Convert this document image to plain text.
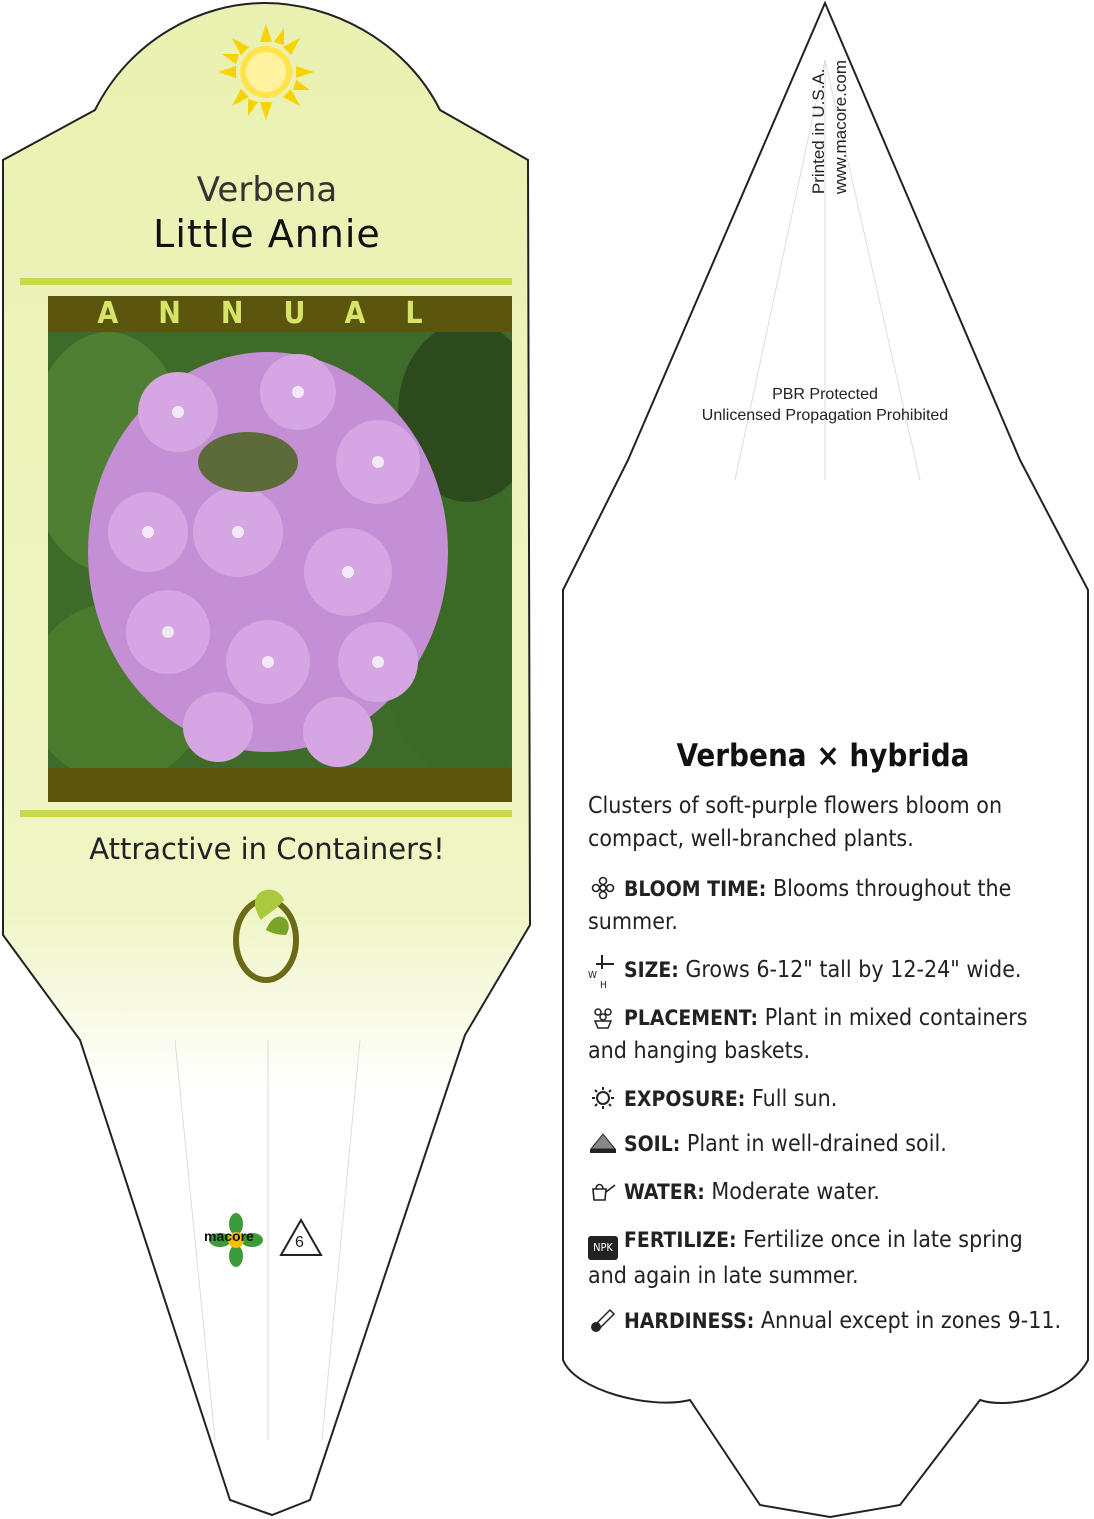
Verbena
Little Annie
ANNUAL
Attractive in Containers!
macore	6
Printed in U.S.A. www.macore.com
PBR Protected
Unlicensed Propagation Prohibited
Verbena × hybrida
Clusters of soft-purple flowers bloom on compact, well-branched plants.
BLOOM TIME: Blooms throughout the summer.
W
H
SIZE: Grows 6-12" tall by 12-24" wide.
PLACEMENT: Plant in mixed containers and hanging baskets.
EXPOSURE: Full sun.
SOIL: Plant in well-drained soil.
WATER: Moderate water.
NPK FERTILIZE: Fertilize once in late spring and again in late summer.
HARDINESS: Annual except in zones 9-11.
